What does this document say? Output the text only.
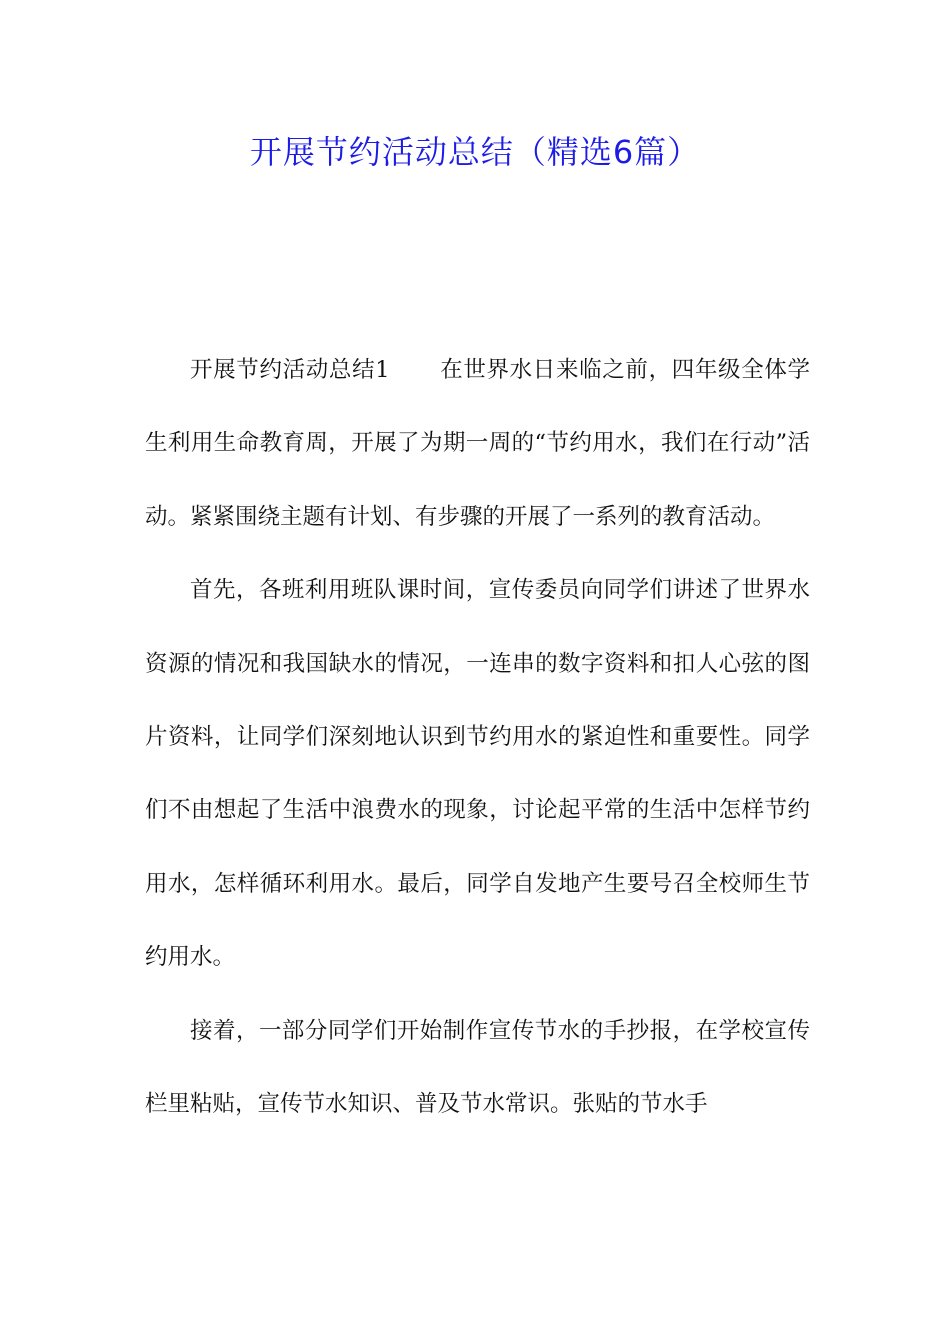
开展节约活动总结（精选6篇）

开展节约活动总结1 在世界水日来临之前，四年级全体学生利用生命教育周，开展了为期一周的“节约用水，我们在行动”活动。紧紧围绕主题有计划、有步骤的开展了一系列的教育活动。

首先，各班利用班队课时间，宣传委员向同学们讲述了世界水资源的情况和我国缺水的情况，一连串的数字资料和扣人心弦的图片资料，让同学们深刻地认识到节约用水的紧迫性和重要性。同学们不由想起了生活中浪费水的现象，讨论起平常的生活中怎样节约用水，怎样循环利用水。最后，同学自发地产生要号召全校师生节约用水。

接着，一部分同学们开始制作宣传节水的手抄报，在学校宣传栏里粘贴，宣传节水知识、普及节水常识。张贴的节水手
